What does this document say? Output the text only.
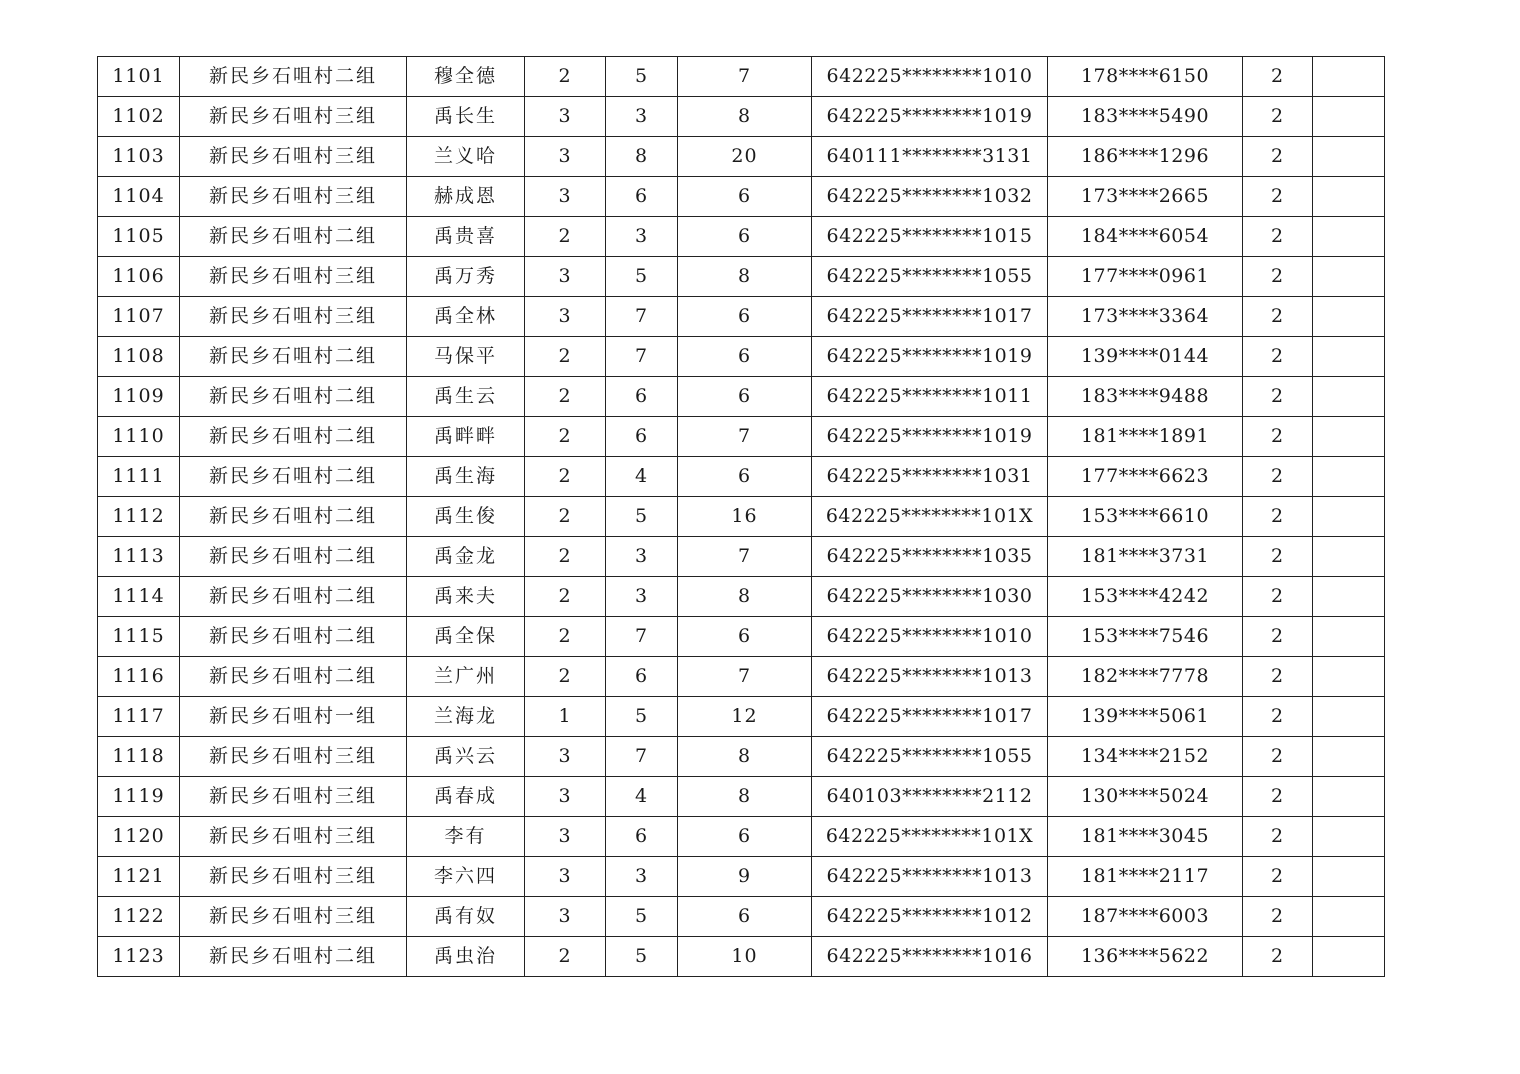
1101	新民乡石咀村二组	穆全德	2	5	7	642225********1010	178****6150	2	
1102	新民乡石咀村三组	禹长生	3	3	8	642225********1019	183****5490	2	
1103	新民乡石咀村三组	兰义哈	3	8	20	640111********3131	186****1296	2	
1104	新民乡石咀村三组	赫成恩	3	6	6	642225********1032	173****2665	2	
1105	新民乡石咀村二组	禹贵喜	2	3	6	642225********1015	184****6054	2	
1106	新民乡石咀村三组	禹万秀	3	5	8	642225********1055	177****0961	2	
1107	新民乡石咀村三组	禹全林	3	7	6	642225********1017	173****3364	2	
1108	新民乡石咀村二组	马保平	2	7	6	642225********1019	139****0144	2	
1109	新民乡石咀村二组	禹生云	2	6	6	642225********1011	183****9488	2	
1110	新民乡石咀村二组	禹畔畔	2	6	7	642225********1019	181****1891	2	
1111	新民乡石咀村二组	禹生海	2	4	6	642225********1031	177****6623	2	
1112	新民乡石咀村二组	禹生俊	2	5	16	642225********101X	153****6610	2	
1113	新民乡石咀村二组	禹金龙	2	3	7	642225********1035	181****3731	2	
1114	新民乡石咀村二组	禹来夫	2	3	8	642225********1030	153****4242	2	
1115	新民乡石咀村二组	禹全保	2	7	6	642225********1010	153****7546	2	
1116	新民乡石咀村二组	兰广州	2	6	7	642225********1013	182****7778	2	
1117	新民乡石咀村一组	兰海龙	1	5	12	642225********1017	139****5061	2	
1118	新民乡石咀村三组	禹兴云	3	7	8	642225********1055	134****2152	2	
1119	新民乡石咀村三组	禹春成	3	4	8	640103********2112	130****5024	2	
1120	新民乡石咀村三组	李有	3	6	6	642225********101X	181****3045	2	
1121	新民乡石咀村三组	李六四	3	3	9	642225********1013	181****2117	2	
1122	新民乡石咀村三组	禹有奴	3	5	6	642225********1012	187****6003	2	
1123	新民乡石咀村二组	禹虫治	2	5	10	642225********1016	136****5622	2	
